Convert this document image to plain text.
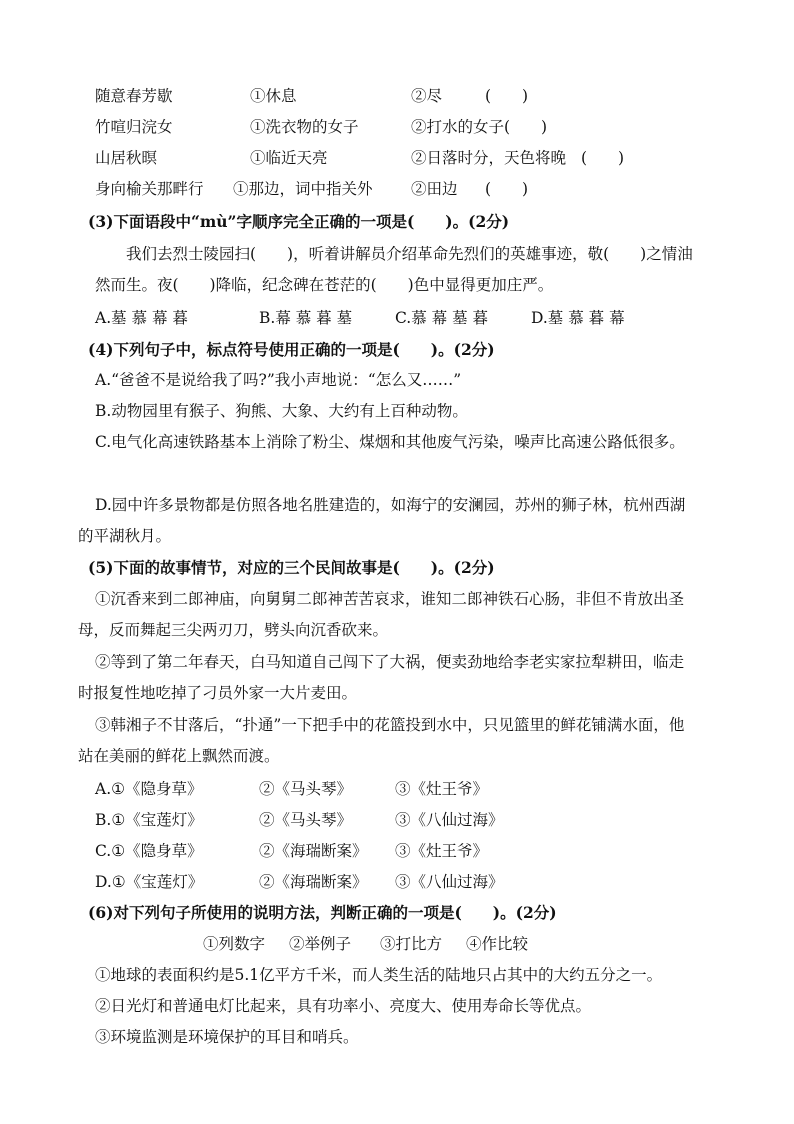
随意春芳歇	①休息	②尽	(　　)
竹喧归浣女	①洗衣物的女子	②打水的女子(　　)
山居秋暝	①临近天亮	②日落时分，天色将晚 (　　)
身向榆关那畔行 ①那边，词中指关外 ②田边 (　　)
(3)下面语段中“mù”字顺序完全正确的一项是(　　)。(2分)
我们去烈士陵园扫(　　)，听着讲解员介绍革命先烈们的英雄事迹，敬(　　)之情油然而生。夜(　　)降临，纪念碑在苍茫的(　　)色中显得更加庄严。
A.墓 慕 幕 暮	B.幕 慕 暮 墓	C.慕 幕 墓 暮	D.墓 慕 暮 幕
(4)下列句子中，标点符号使用正确的一项是(　　)。(2分)
A.“爸爸不是说给我了吗?”我小声地说：“怎么又……”
B.动物园里有猴子、狗熊、大象、大约有上百种动物。
C.电气化高速铁路基本上消除了粉尘、煤烟和其他废气污染，噪声比高速公路低很多。
D.园中许多景物都是仿照各地名胜建造的，如海宁的安澜园，苏州的狮子林，杭州西湖的平湖秋月。
(5)下面的故事情节，对应的三个民间故事是(　　)。(2分)
①沉香来到二郎神庙，向舅舅二郎神苦苦哀求，谁知二郎神铁石心肠，非但不肯放出圣母，反而舞起三尖两刃刀，劈头向沉香砍来。
②等到了第二年春天，白马知道自己闯下了大祸，便卖劲地给李老实家拉犁耕田，临走时报复性地吃掉了刁员外家一大片麦田。
③韩湘子不甘落后，“扑通”一下把手中的花篮投到水中，只见篮里的鲜花铺满水面，他站在美丽的鲜花上飘然而渡。
A.①《隐身草》	②《马头琴》	③《灶王爷》
B.①《宝莲灯》	②《马头琴》	③《八仙过海》
C.①《隐身草》	②《海瑞断案》 ③《灶王爷》
D.①《宝莲灯》	②《海瑞断案》 ③《八仙过海》
(6)对下列句子所使用的说明方法，判断正确的一项是(　　)。(2分)
①列数字 ②举例子 ③打比方 ④作比较
①地球的表面积约是5.1亿平方千米，而人类生活的陆地只占其中的大约五分之一。
②日光灯和普通电灯比起来，具有功率小、亮度大、使用寿命长等优点。
③环境监测是环境保护的耳目和哨兵。
